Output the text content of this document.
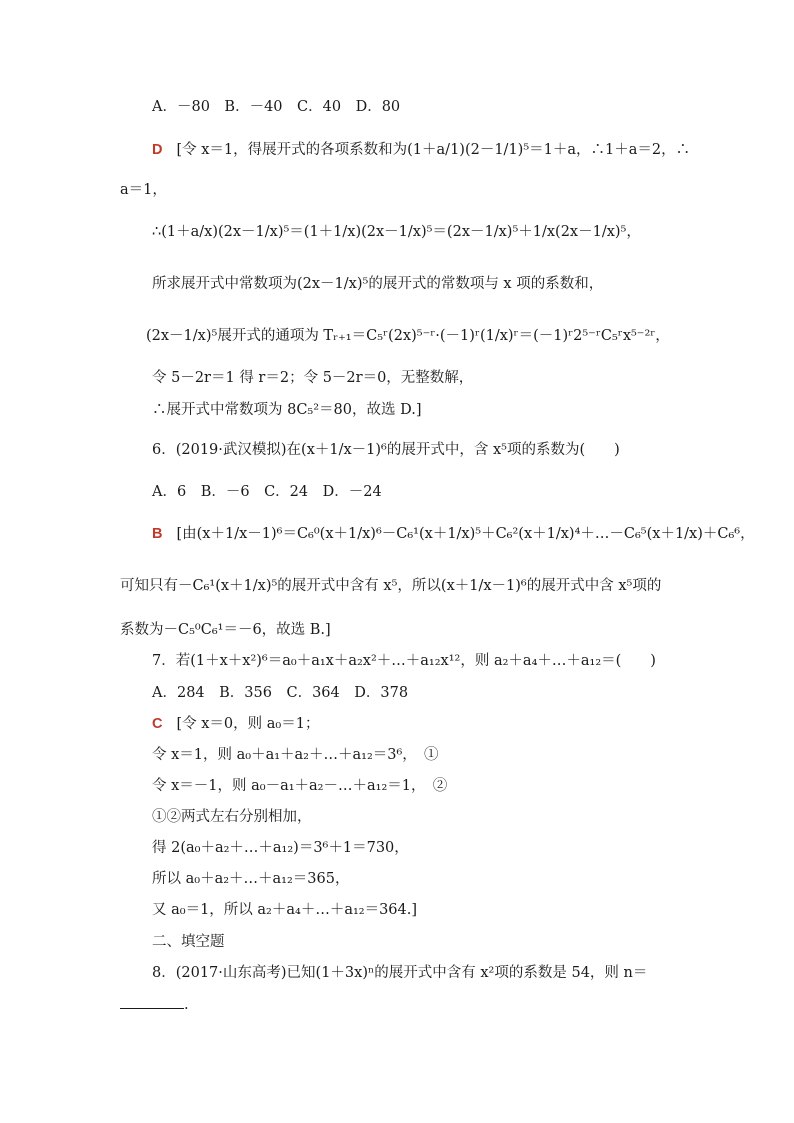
A．－80　B．－40　C．40　D．80
D [令 x＝1，得展开式的各项系数和为(1＋a/1)(2－1/1)⁵＝1＋a，∴1＋a＝2，∴
a＝1，
∴(1＋a/x)(2x－1/x)⁵＝(1＋1/x)(2x－1/x)⁵＝(2x－1/x)⁵＋1/x(2x－1/x)⁵，
所求展开式中常数项为(2x－1/x)⁵的展开式的常数项与 x 项的系数和，
(2x－1/x)⁵展开式的通项为 Tᵣ₊₁＝C₅ʳ(2x)⁵⁻ʳ·(－1)ʳ(1/x)ʳ＝(－1)ʳ2⁵⁻ʳC₅ʳx⁵⁻²ʳ，
令 5－2r＝1 得 r＝2；令 5－2r＝0，无整数解，
∴展开式中常数项为 8C₅²＝80，故选 D.]
6．(2019·武汉模拟)在(x＋1/x－1)⁶的展开式中，含 x⁵项的系数为(　　)
A．6　B．－6　C．24　D．－24
B [由(x＋1/x－1)⁶＝C₆⁰(x＋1/x)⁶－C₆¹(x＋1/x)⁵＋C₆²(x＋1/x)⁴＋…－C₆⁵(x＋1/x)＋C₆⁶，
可知只有－C₆¹(x＋1/x)⁵的展开式中含有 x⁵，所以(x＋1/x－1)⁶的展开式中含 x⁵项的
系数为－C₅⁰C₆¹＝－6，故选 B.]
7．若(1＋x＋x²)⁶＝a₀＋a₁x＋a₂x²＋…＋a₁₂x¹²，则 a₂＋a₄＋…＋a₁₂＝(　　)
A．284　B．356　C．364　D．378
C [令 x＝0，则 a₀＝1；
令 x＝1，则 a₀＋a₁＋a₂＋…＋a₁₂＝3⁶，　①
令 x＝－1，则 a₀－a₁＋a₂－…＋a₁₂＝1，　②
①②两式左右分别相加，
得 2(a₀＋a₂＋…＋a₁₂)＝3⁶＋1＝730，
所以 a₀＋a₂＋…＋a₁₂＝365，
又 a₀＝1，所以 a₂＋a₄＋…＋a₁₂＝364.]
二、填空题
8．(2017·山东高考)已知(1＋3x)ⁿ的展开式中含有 x²项的系数是 54，则 n＝
.
